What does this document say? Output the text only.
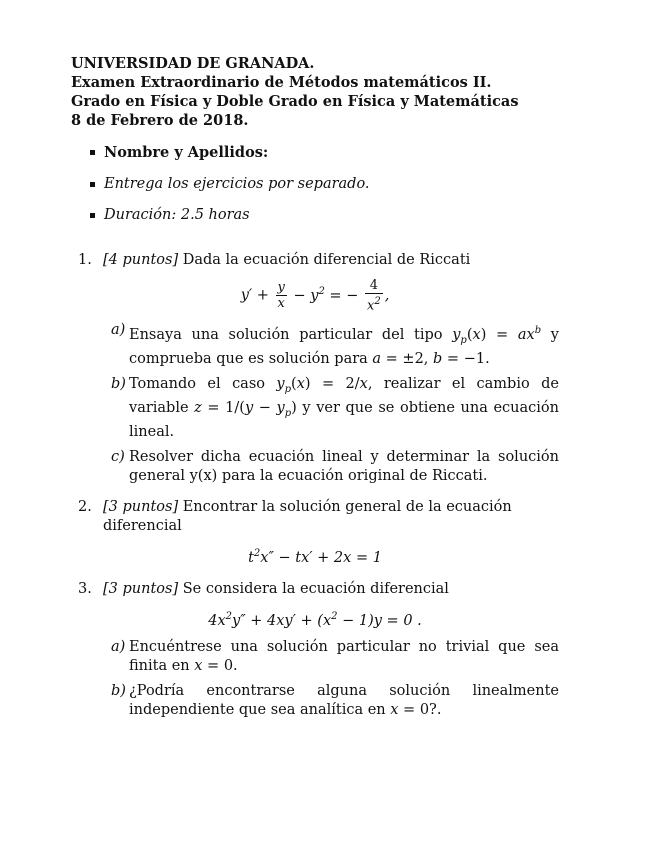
UNIVERSIDAD DE GRANADA.

Examen Extraordinario de Métodos matemáticos II.

Grado en Física y Doble Grado en Física y Matemáticas

8 de Febrero de 2018.

Nombre y Apellidos:
Entrega los ejercicios por separado.
Duración: 2.5 horas
1. [4 puntos] Dada la ecuación diferencial de Riccati
$y' + \frac{y}{x} - y^2$ = − $\frac{4}{x^2}$ ,
a) Ensaya una solución particular del tipo $y_p(x) = ax^b$ y comprueba que es solución para a = ±2, b = −1.
b) Tomando el caso $y_p(x) = 2/x$, realizar el cambio de variable $z = 1/(y - y_p)$ y ver que se obtiene una ecuación lineal.
c) Resolver dicha ecuación lineal y determinar la solución general y(x) para la ecuación original de Riccati.
2. [3 puntos] Encontrar la solución general de la ecuación diferencial
$t^2x'' - tx' + 2x = 1$
3. [3 puntos] Se considera la ecuación diferencial
$4x^2y'' + 4xy' + (x^2 - 1)y = 0$ .
a) Encuéntrese una solución particular no trivial que sea finita en x = 0.
b) ¿Podría encontrarse alguna solución linealmente independiente que sea analítica en x = 0?.
